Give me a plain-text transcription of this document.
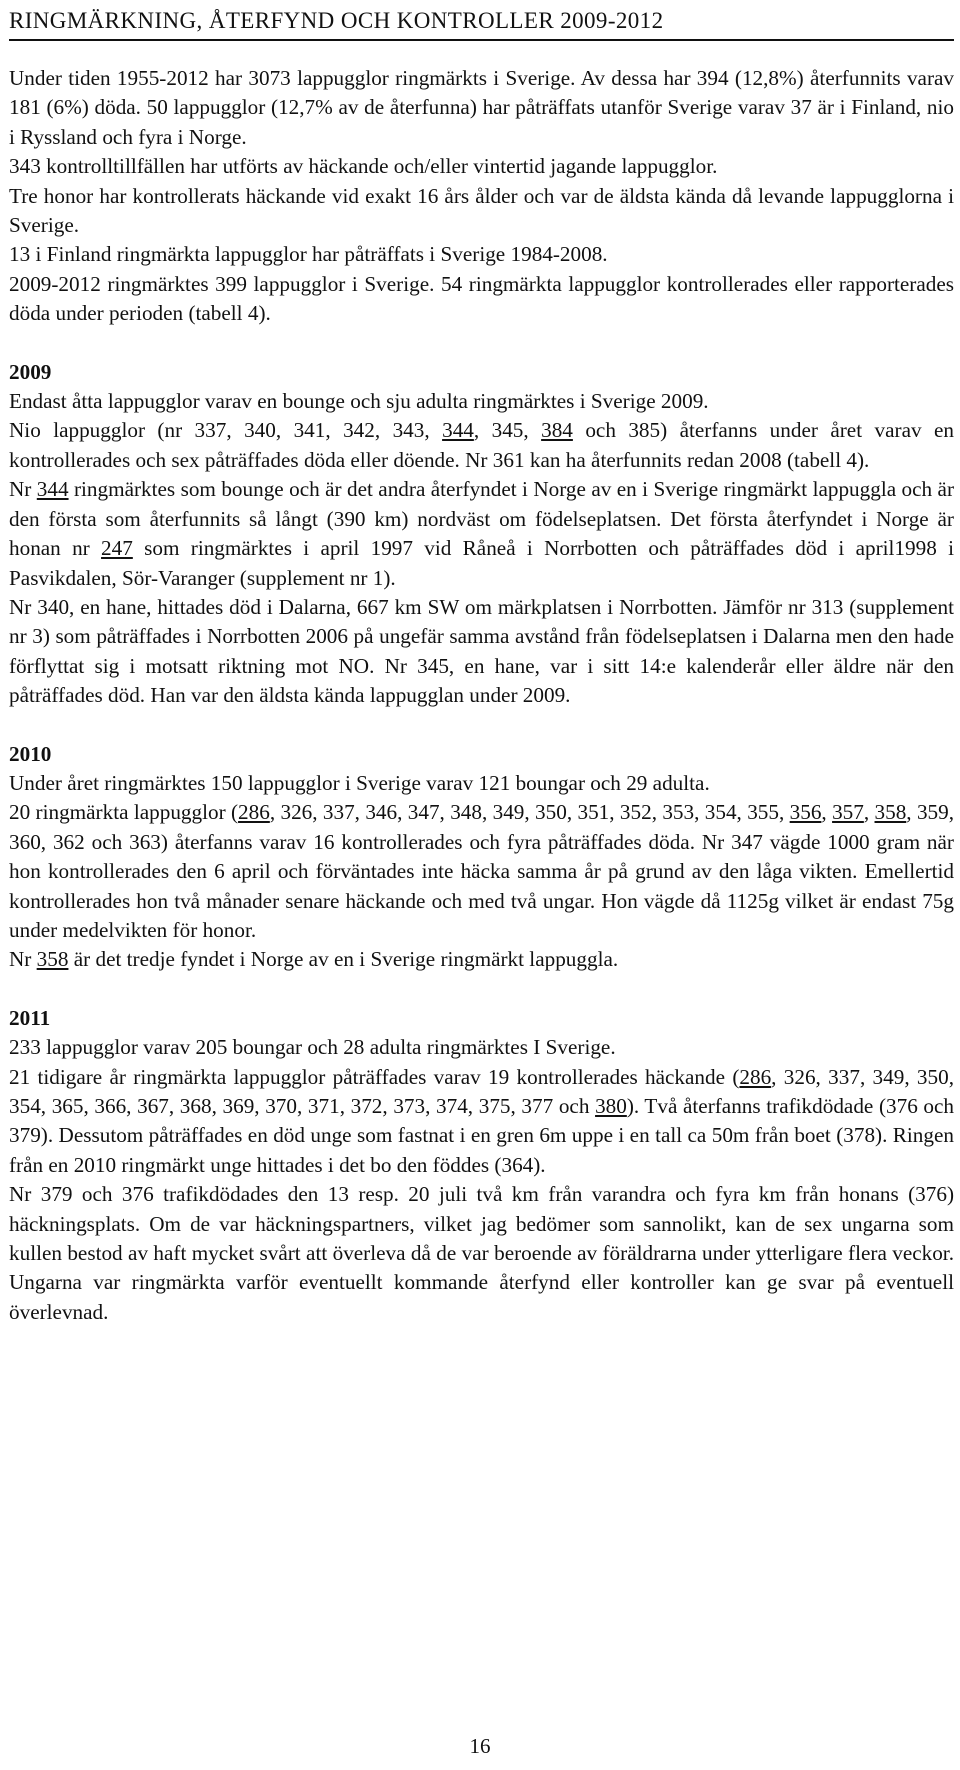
RINGMÄRKNING, ÅTERFYND OCH KONTROLLER 2009-2012

Under tiden 1955-2012 har 3073 lappugglor ringmärkts i Sverige. Av dessa har 394 (12,8%) återfunnits varav 181 (6%) döda. 50 lappugglor (12,7% av de återfunna) har påträffats utanför Sverige varav 37 är i Finland, nio i Ryssland och fyra i Norge.

343 kontrolltillfällen har utförts av häckande och/eller vintertid jagande lappugglor.

Tre honor har kontrollerats häckande vid exakt 16 års ålder och var de äldsta kända då levande lappugglorna i Sverige.

13 i Finland ringmärkta lappugglor har påträffats i Sverige 1984-2008.

2009-2012 ringmärktes 399 lappugglor i Sverige. 54 ringmärkta lappugglor kontrollerades eller rapporterades döda under perioden (tabell 4).

2009

Endast åtta lappugglor varav en bounge och sju adulta ringmärktes i Sverige 2009.

Nio lappugglor (nr 337, 340, 341, 342, 343, 344, 345, 384 och 385) återfanns under året varav en kontrollerades och sex påträffades döda eller döende. Nr 361 kan ha återfunnits redan 2008 (tabell 4).

Nr 344 ringmärktes som bounge och är det andra återfyndet i Norge av en i Sverige ringmärkt lappuggla och är den första som återfunnits så långt (390 km) nordväst om födelseplatsen. Det första återfyndet i Norge är honan nr 247 som ringmärktes i april 1997 vid Råneå i Norrbotten och påträffades död i april1998 i Pasvikdalen, Sör-Varanger (supplement nr 1).

Nr 340, en hane, hittades död i Dalarna, 667 km SW om märkplatsen i Norrbotten. Jämför nr 313 (supplement nr 3) som påträffades i Norrbotten 2006 på ungefär samma avstånd från födelseplatsen i Dalarna men den hade förflyttat sig i motsatt riktning mot NO. Nr 345, en hane, var i sitt 14:e kalenderår eller äldre när den påträffades död. Han var den äldsta kända lappugglan under 2009.

2010

Under året ringmärktes 150 lappugglor i Sverige varav 121 boungar och 29 adulta.

20 ringmärkta lappugglor (286, 326, 337, 346, 347, 348, 349, 350, 351, 352, 353, 354, 355, 356, 357, 358, 359, 360, 362 och 363) återfanns varav 16 kontrollerades och fyra påträffades döda. Nr 347 vägde 1000 gram när hon kontrollerades den 6 april och förväntades inte häcka samma år på grund av den låga vikten. Emellertid kontrollerades hon två månader senare häckande och med två ungar. Hon vägde då 1125g vilket är endast 75g under medelvikten för honor.

Nr 358 är det tredje fyndet i Norge av en i Sverige ringmärkt lappuggla.

2011

233 lappugglor varav 205 boungar och 28 adulta ringmärktes I Sverige.

21 tidigare år ringmärkta lappugglor påträffades varav 19 kontrollerades häckande (286, 326, 337, 349, 350, 354, 365, 366, 367, 368, 369, 370, 371, 372, 373, 374, 375, 377 och 380). Två återfanns trafikdödade (376 och 379). Dessutom påträffades en död unge som fastnat i en gren 6m uppe i en tall ca 50m från boet (378). Ringen från en 2010 ringmärkt unge hittades i det bo den föddes (364).

Nr 379 och 376 trafikdödades den 13 resp. 20 juli två km från varandra och fyra km från honans (376) häckningsplats. Om de var häckningspartners, vilket jag bedömer som sannolikt, kan de sex ungarna som kullen bestod av haft mycket svårt att överleva då de var beroende av föräldrarna under ytterligare flera veckor. Ungarna var ringmärkta varför eventuellt kommande återfynd eller kontroller kan ge svar på eventuell överlevnad.

16
